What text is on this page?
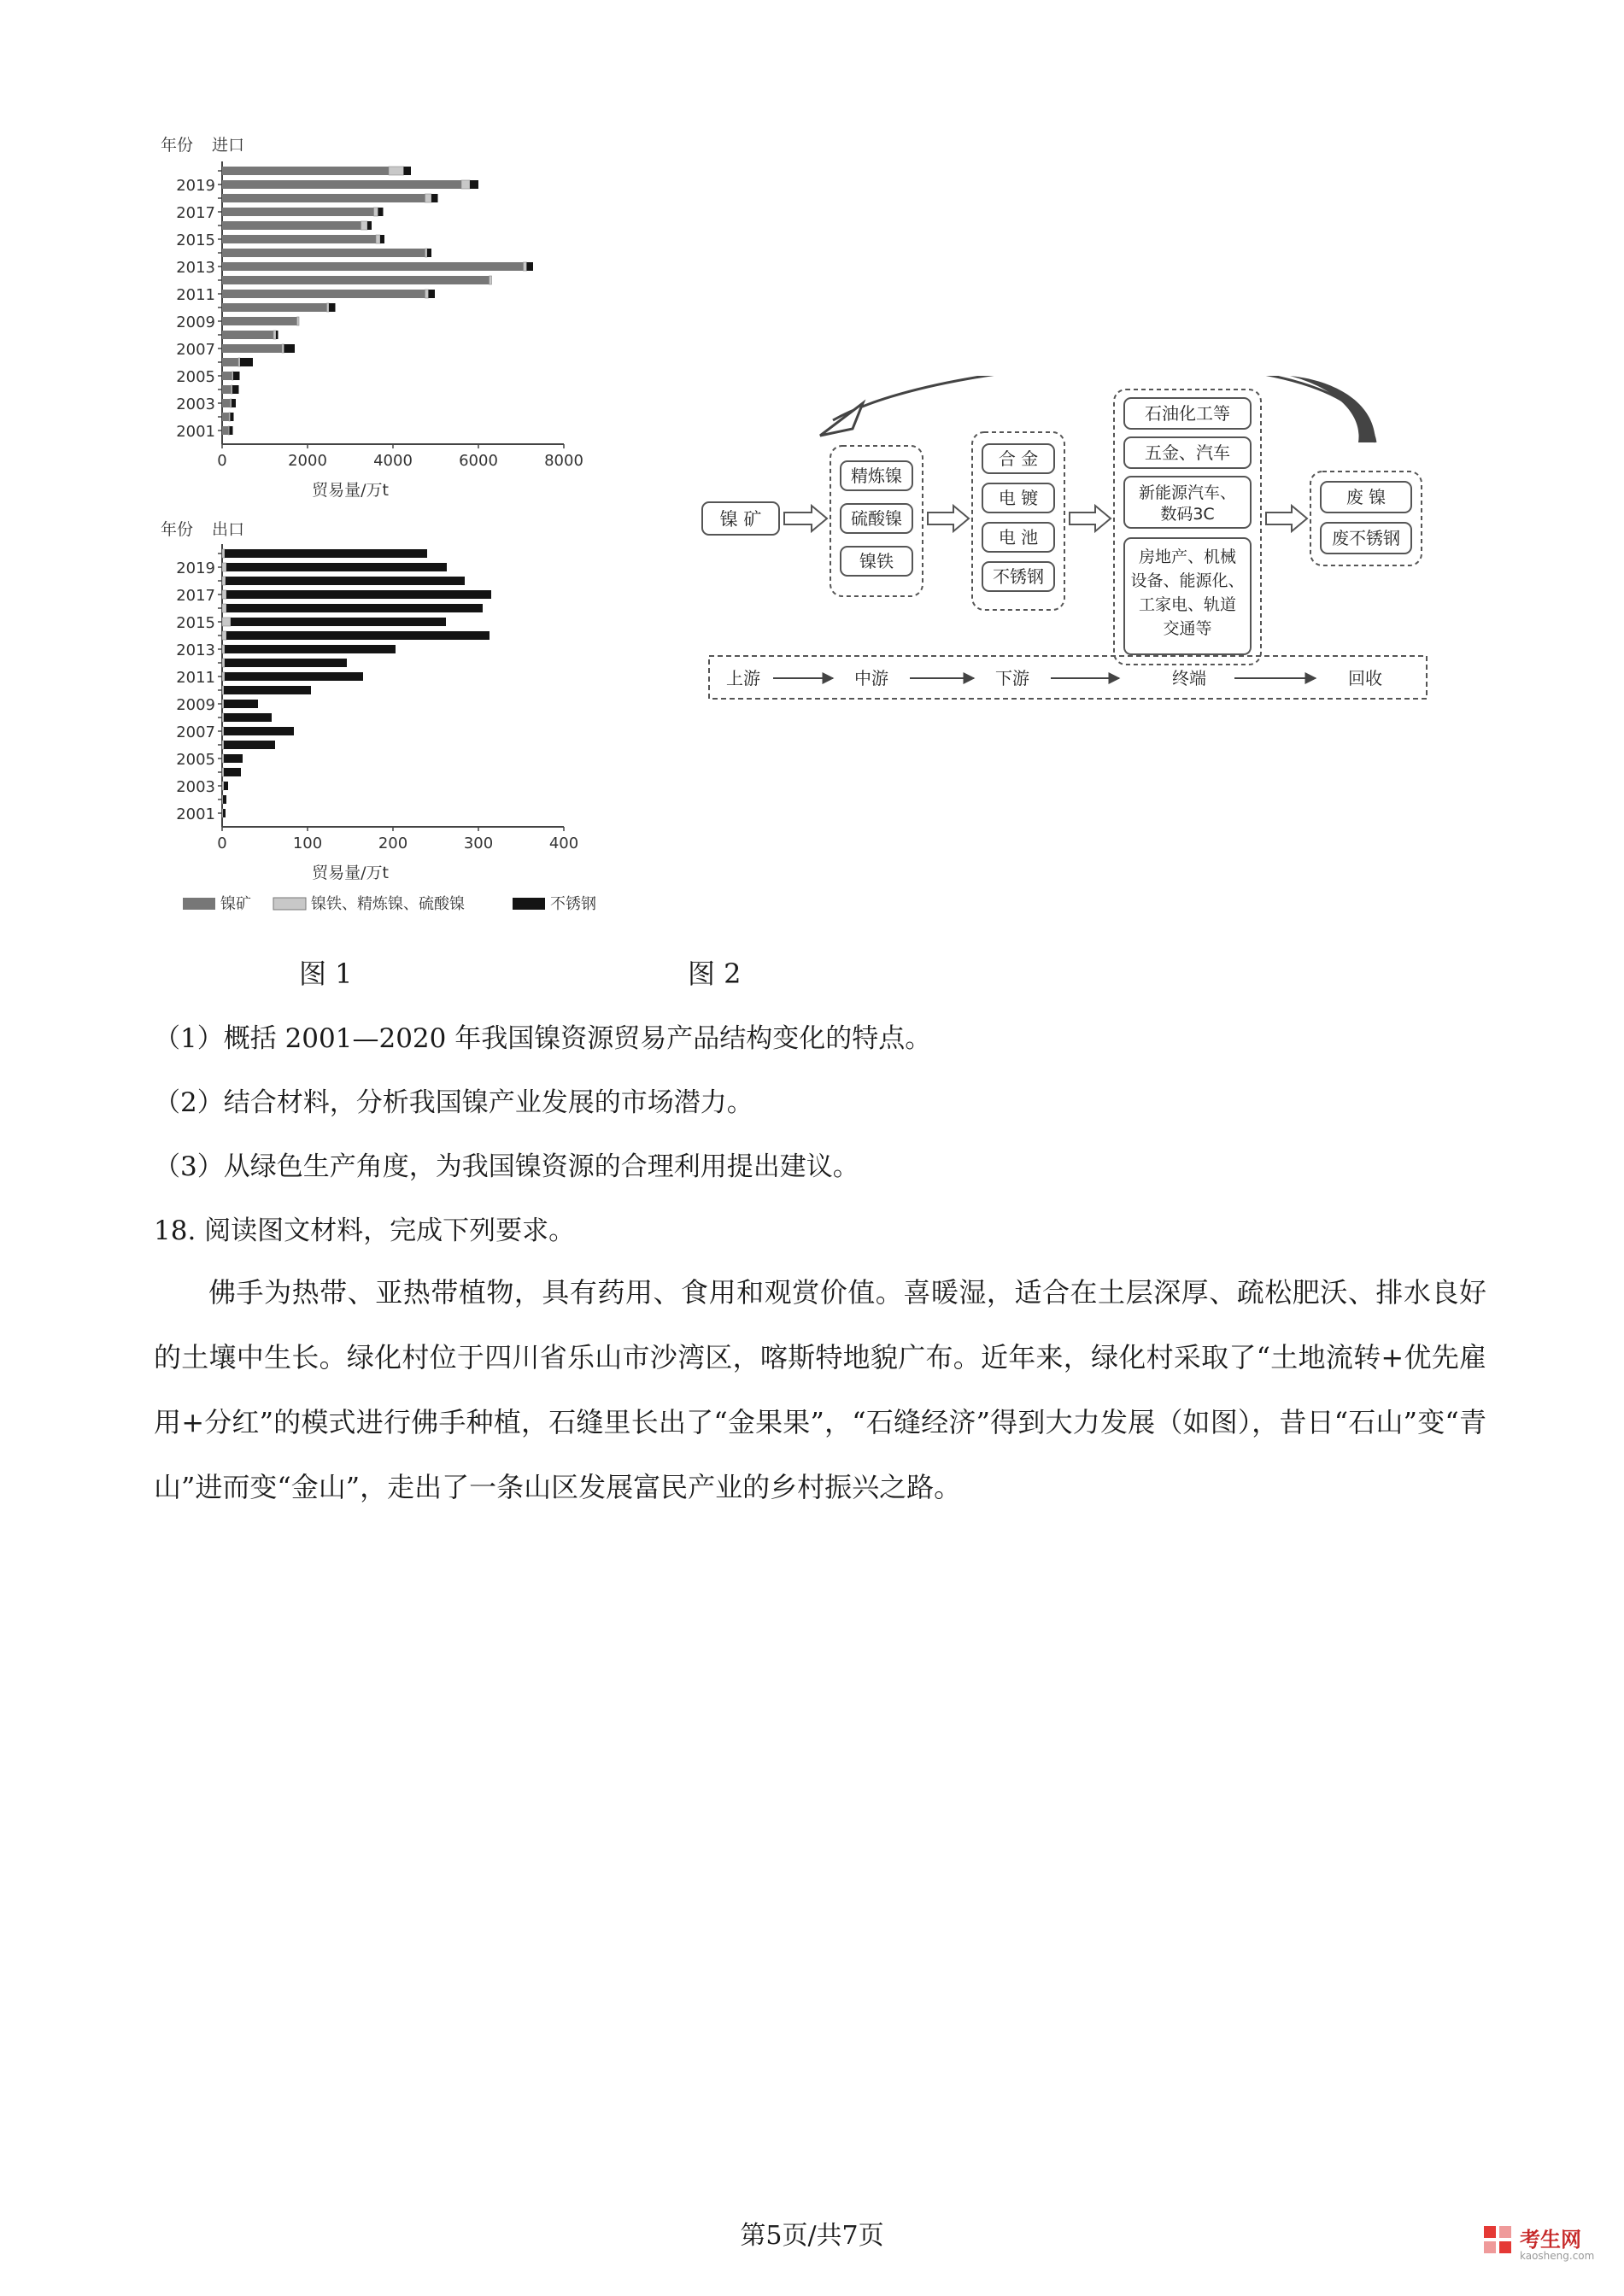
年份 进口
2019
2017
2015
2013
2011
2009
2007
2005
2003
2001
0	2000	4000	6000	8000
贸易量/万t
年份 出口
2019
2017
2015
2013
2011
2009
2007
2005
2003
2001
0	100	200	300	400
贸易量/万t
镍矿	镍铁、精炼镍、硫酸镍	不锈钢
图 1
镍 矿
精炼镍
硫酸镍
镍铁
合 金
电 镀
电 池
不锈钢
石油化工等
五金、汽车
新能源汽车、
数码3C
房地产、机械
设备、能源化、
工家电、轨道
交通等
废 镍
废不锈钢
上游	中游	下游	终端	回收
图 2
（1）概括 2001—2020 年我国镍资源贸易产品结构变化的特点。
（2）结合材料，分析我国镍产业发展的市场潜力。
（3）从绿色生产角度，为我国镍资源的合理利用提出建议。
18. 阅读图文材料，完成下列要求。

佛手为热带、亚热带植物，具有药用、食用和观赏价值。喜暖湿，适合在土层深厚、疏松肥沃、排水良好的土壤中生长。绿化村位于四川省乐山市沙湾区，喀斯特地貌广布。近年来，绿化村采取了“土地流转+优先雇用+分红”的模式进行佛手种植，石缝里长出了“金果果”，“石缝经济”得到大力发展（如图），昔日“石山”变“青山”进而变“金山”，走出了一条山区发展富民产业的乡村振兴之路。

第5页/共7页	考生网
kaosheng.com
